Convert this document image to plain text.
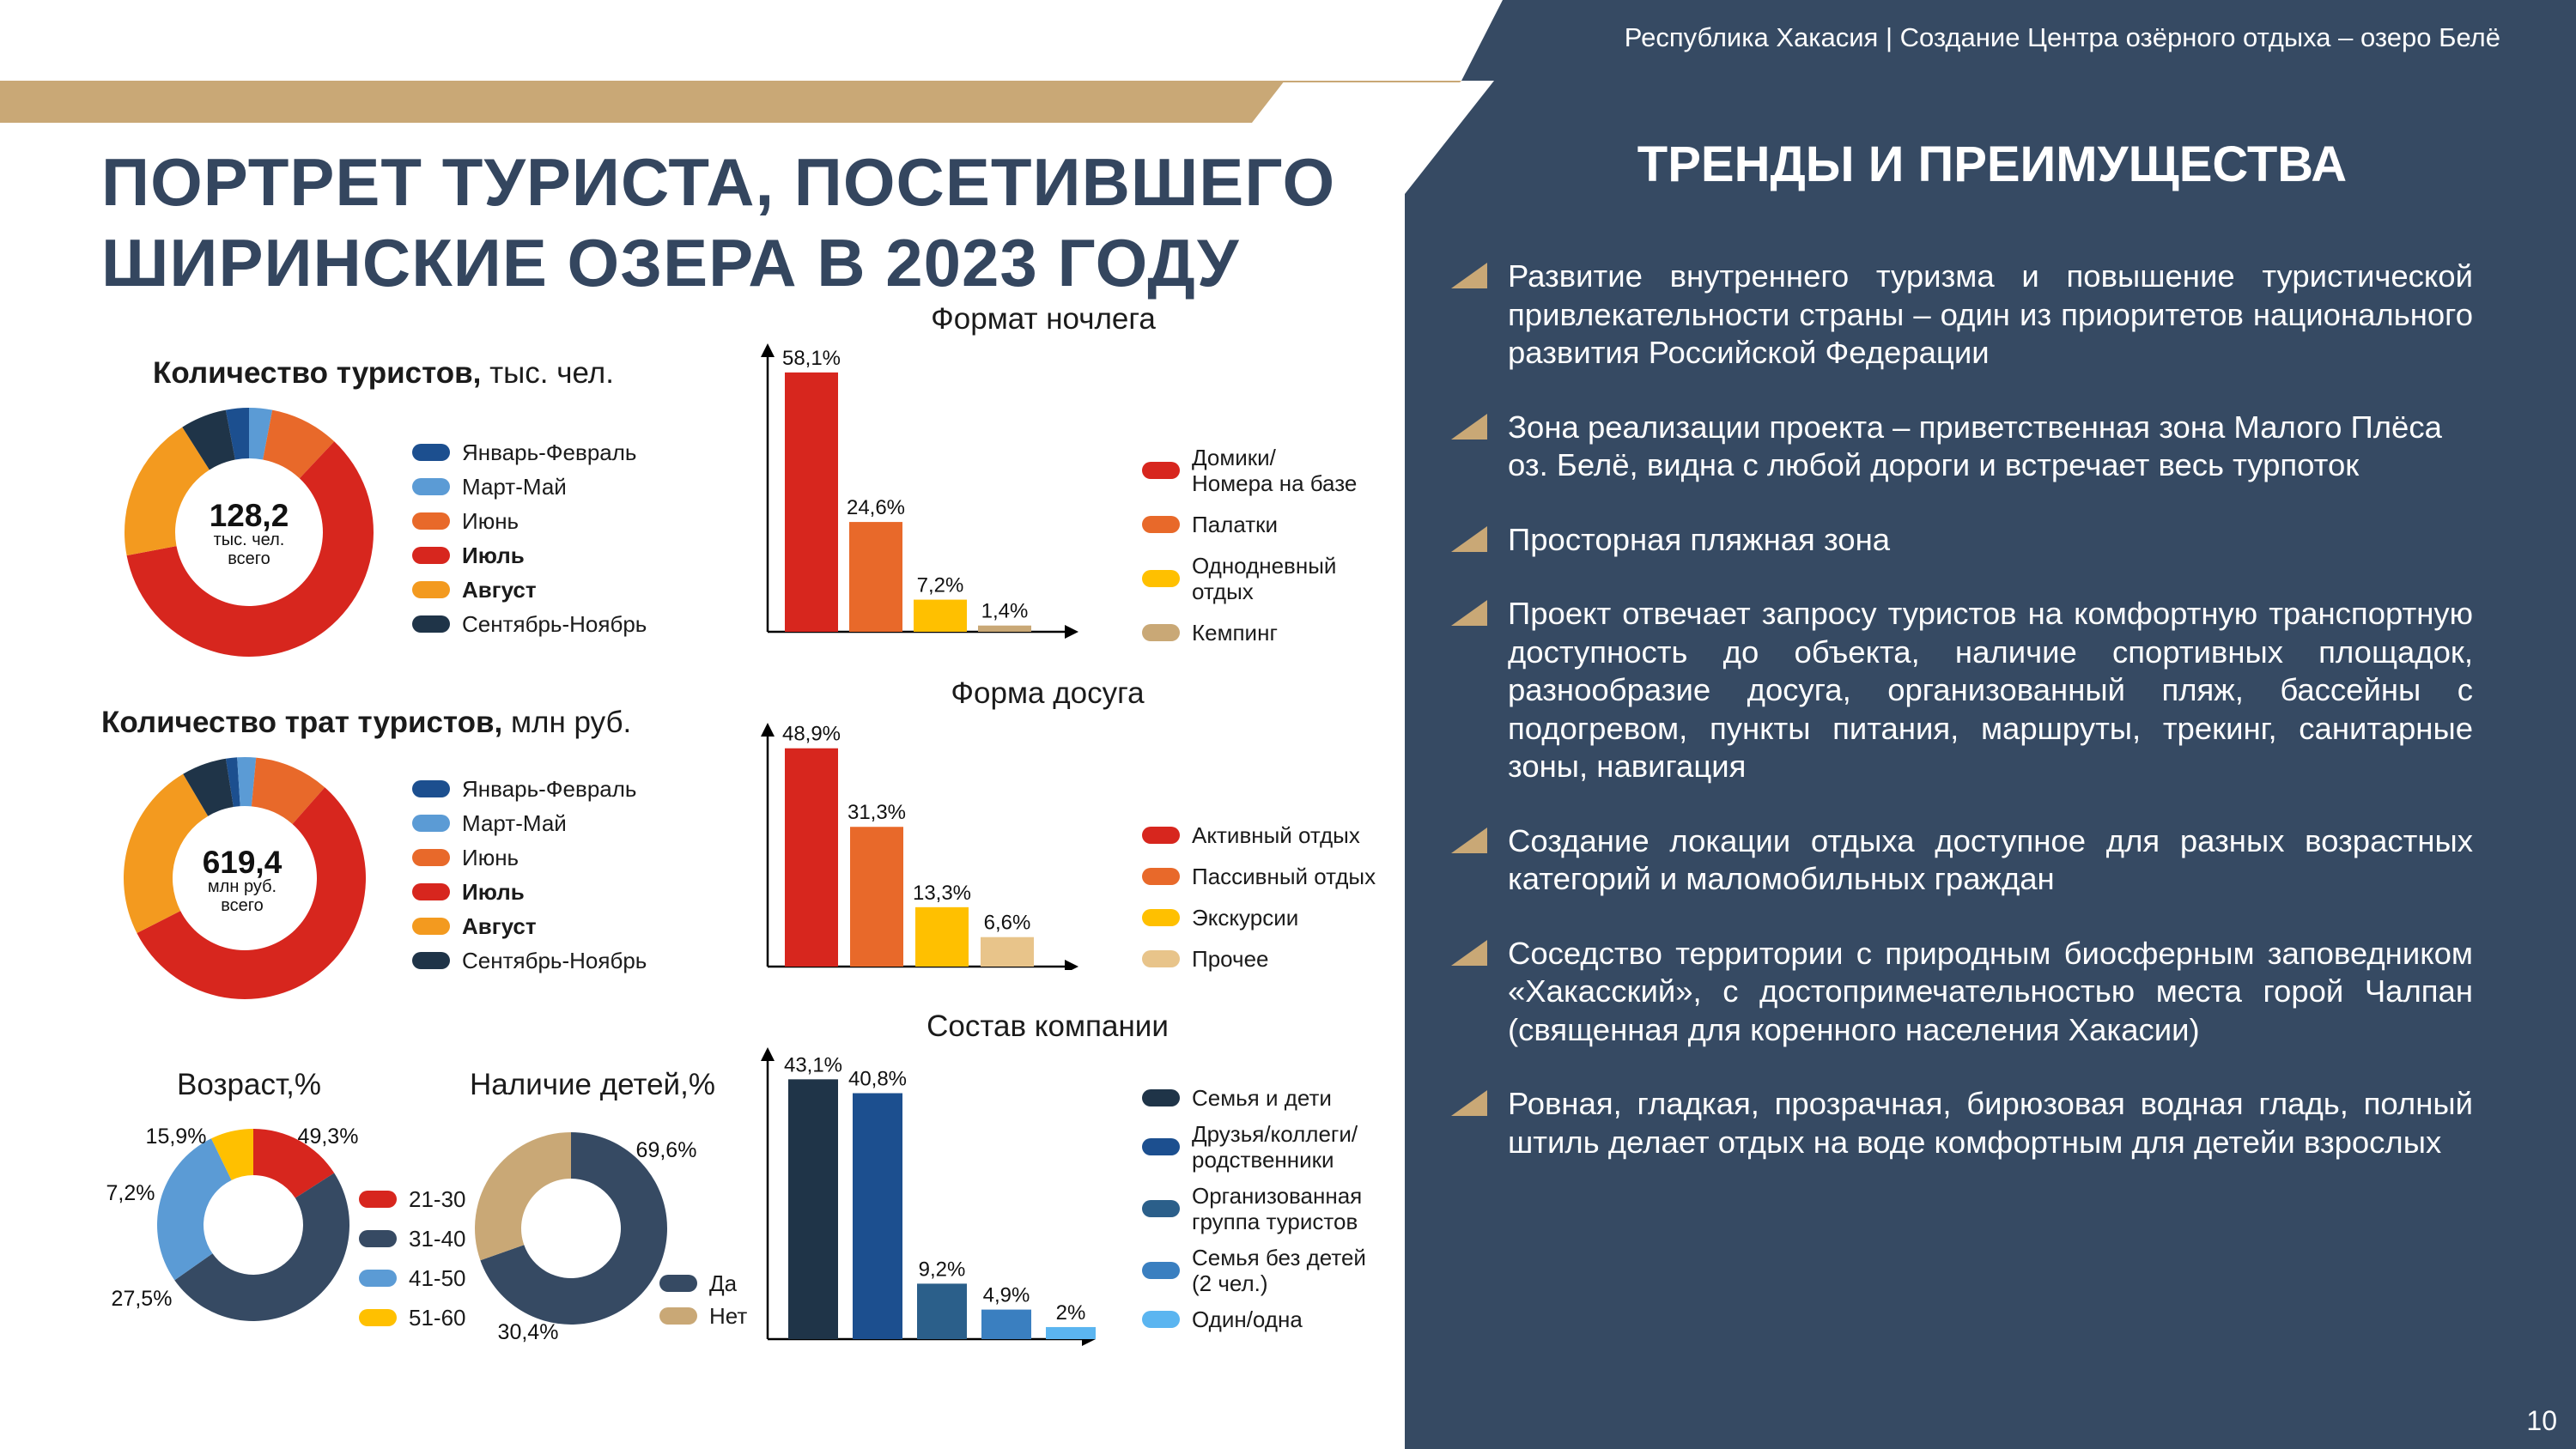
Республика Хакасия | Создание Центра озёрного отдыха – озеро Белё
ПОРТРЕТ ТУРИСТА, ПОСЕТИВШЕГО
ШИРИНСКИЕ ОЗЕРА В 2023 ГОДУ
ТРЕНДЫ И ПРЕИМУЩЕСТВА
Развитие внутреннего туризма и повышение туристической привлекательности страны – один из приоритетов национального развития Российской Федерации
Зона реализации проекта – приветственная зона Малого Плёса оз. Белё, видна с любой дороги и встречает весь турпоток
Просторная пляжная зона
Проект отвечает запросу туристов на комфортную транспортную доступность до объекта, наличие спортивных площадок, разнообразие досуга, организованный пляж, бассейны с подогревом, пункты питания, маршруты, трекинг, санитарные зоны, навигация
Создание локации отдыха доступное для разных возрастных категорий и маломобильных граждан
Соседство территории с природным биосферным заповедником «Хакасский», с достопримечательностью места горой Чалпан (священная для коренного населения Хакасии)
Ровная, гладкая, прозрачная, бирюзовая водная гладь, полный штиль делает отдых на воде комфортным для детейи взрослых
Количество туристов, тыс. чел.
128,2
тыс. чел.
всего
Январь-Февраль
Март-Май
Июнь
Июль
Август
Сентябрь-Ноябрь
Количество трат туристов, млн руб.
619,4
млн руб.
всего
Январь-Февраль
Март-Май
Июнь
Июль
Август
Сентябрь-Ноябрь
Возраст,%
21-30
31-40
41-50
51-60
Наличие детей,%
Да
Нет
Формат ночлега
58,1%
24,6%
7,2%
1,4%
Домики/
Номера на базе
Палатки
Однодневный
отдых
Кемпинг
Форма досуга
48,9%
31,3%
13,3%
6,6%
Активный отдых
Пассивный отдых
Экскурсии
Прочее
Состав компании
43,1%
40,8%
9,2%
4,9%
2%
Семья и дети
Друзья/коллеги/
родственники
Организованная
группа туристов
Семья без детей
(2 чел.)
Один/одна
10
15,9%	49,3%
27,5%
7,2%
69,6%
30,4%
